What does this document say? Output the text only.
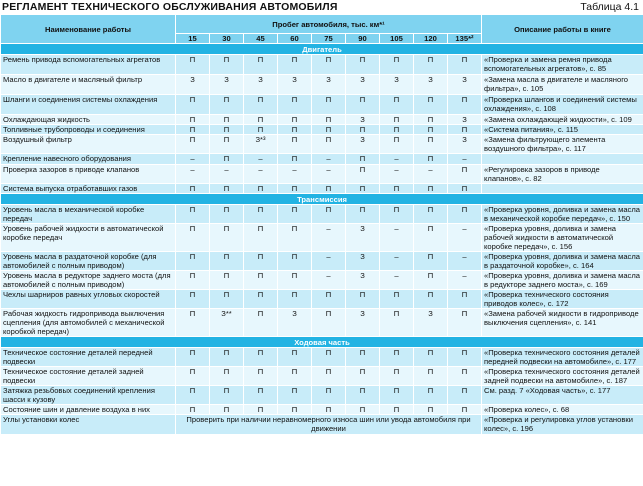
РЕГЛАМЕНТ ТЕХНИЧЕСКОГО ОБСЛУЖИВАНИЯ АВТОМОБИЛЯ	Таблица 4.1
Наименование работы	Пробег автомобиля, тыс. км*¹									Описание работы в книге
	15	30	45	60	75	90	105	120	135*²	
Двигатель										
Ремень привода вспомогательных агрегатов	П	П	П	П	П	П	П	П	П	«Проверка и замена ремня привода вспомогательных агрегатов», с. 85
Масло в двигателе и масляный фильтр	З	З	З	З	З	З	З	З	З	«Замена масла в двигателе и масляного фильтра», с. 105
Шланги и соединения системы охлаждения	П	П	П	П	П	П	П	П	П	«Проверка шлангов и соединений системы охлаждения», с. 108
Охлаждающая жидкость	П	П	П	П	П	З	П	П	З	«Замена охлаждающей жидкости», с. 109
Топливные трубопроводы и соединения	П	П	П	П	П	П	П	П	П	«Система питания», с. 115
Воздушный фильтр	П	П	З*³	П	П	З	П	П	З	«Замена фильтрующего элемента воздушного фильтра», с. 117
Крепление навесного оборудования	–	П	–	П	–	П	–	П	–	
Проверка зазоров в приводе клапанов	–	–	–	–	–	П	–	–	П	«Регулировка зазоров в приводе клапанов», с. 82
Система выпуска отработавших газов	П	П	П	П	П	П	П	П	П	
Трансмиссия										
Уровень масла в механической коробке передач	П	П	П	П	П	П	П	П	П	«Проверка уровня, доливка и замена масла в механической коробке передач», с. 150
Уровень рабочей жидкости в автоматической коробке передач	П	П	П	П	–	З	–	П	–	«Проверка уровня, доливка и замена рабочей жидкости в автоматической коробке передач», с. 156
Уровень масла в раздаточной коробке (для автомобилей с полным приводом)	П	П	П	П	–	З	–	П	–	«Проверка уровня, доливка и замена масла в раздаточной коробке», с. 164
Уровень масла в редукторе заднего моста (для автомобилей с полным приводом)	П	П	П	П	–	З	–	П	–	«Проверка уровня, доливка и замена масла в редукторе заднего моста», с. 169
Чехлы шарниров равных угловых скоростей	П	П	П	П	П	П	П	П	П	«Проверка технического состояния приводов колес», с. 172
Рабочая жидкость гидропривода выключения сцепления (для автомобилей с механической коробкой передач)	П	З**	П	З	П	З	П	З	П	«Замена рабочей жидкости в гидроприводе выключения сцепления», с. 141
Ходовая часть										
Техническое состояние деталей передней подвески	П	П	П	П	П	П	П	П	П	«Проверка технического состояния деталей передней подвески на автомобиле», с. 177
Техническое состояние деталей задней подвески	П	П	П	П	П	П	П	П	П	«Проверка технического состояния деталей задней подвески на автомобиле», с. 187
Затяжка резьбовых соединений крепления шасси к кузову	П	П	П	П	П	П	П	П	П	См. разд. 7 «Ходовая часть», с. 177
Состояние шин и давление воздуха в них	П	П	П	П	П	П	П	П	П	«Проверка колес», с. 68
Углы установки колес	Проверить при наличии неравномерного износа шин или увода автомобиля при движении									«Проверка и регулировка углов установки колес», с. 196
